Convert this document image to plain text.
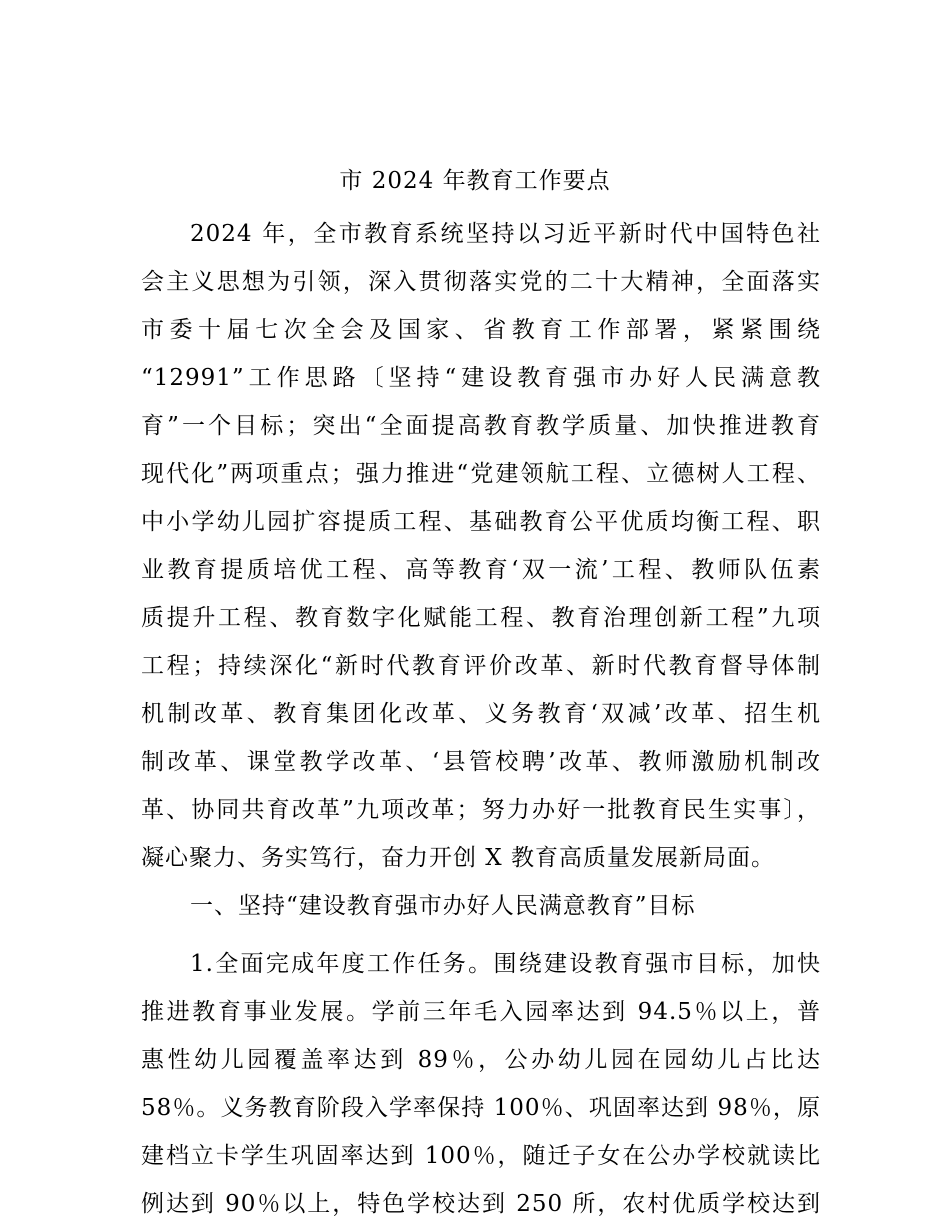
市 2024 年教育工作要点
2024 年，全市教育系统坚持以习近平新时代中国特色社
会主义思想为引领，深入贯彻落实党的二十大精神，全面落实
市委十届七次全会及国家、省教育工作部署，紧紧围绕
“12991”工作思路〔坚持“建设教育强市办好人民满意教
育”一个目标；突出“全面提高教育教学质量、加快推进教育
现代化”两项重点；强力推进“党建领航工程、立德树人工程、
中小学幼儿园扩容提质工程、基础教育公平优质均衡工程、职
业教育提质培优工程、高等教育‘双一流’工程、教师队伍素
质提升工程、教育数字化赋能工程、教育治理创新工程”九项
工程；持续深化“新时代教育评价改革、新时代教育督导体制
机制改革、教育集团化改革、义务教育‘双减’改革、招生机
制改革、课堂教学改革、‘县管校聘’改革、教师激励机制改
革、协同共育改革”九项改革；努力办好一批教育民生实事〕，
凝心聚力、务实笃行，奋力开创 X 教育高质量发展新局面。
一、坚持“建设教育强市办好人民满意教育”目标
1.全面完成年度工作任务。围绕建设教育强市目标，加快
推进教育事业发展。学前三年毛入园率达到 94.5％以上，普
惠性幼儿园覆盖率达到 89％，公办幼儿园在园幼儿占比达
58％。义务教育阶段入学率保持 100％、巩固率达到 98％，原
建档立卡学生巩固率达到 100％，随迁子女在公办学校就读比
例达到 90％以上，特色学校达到 250 所，农村优质学校达到
